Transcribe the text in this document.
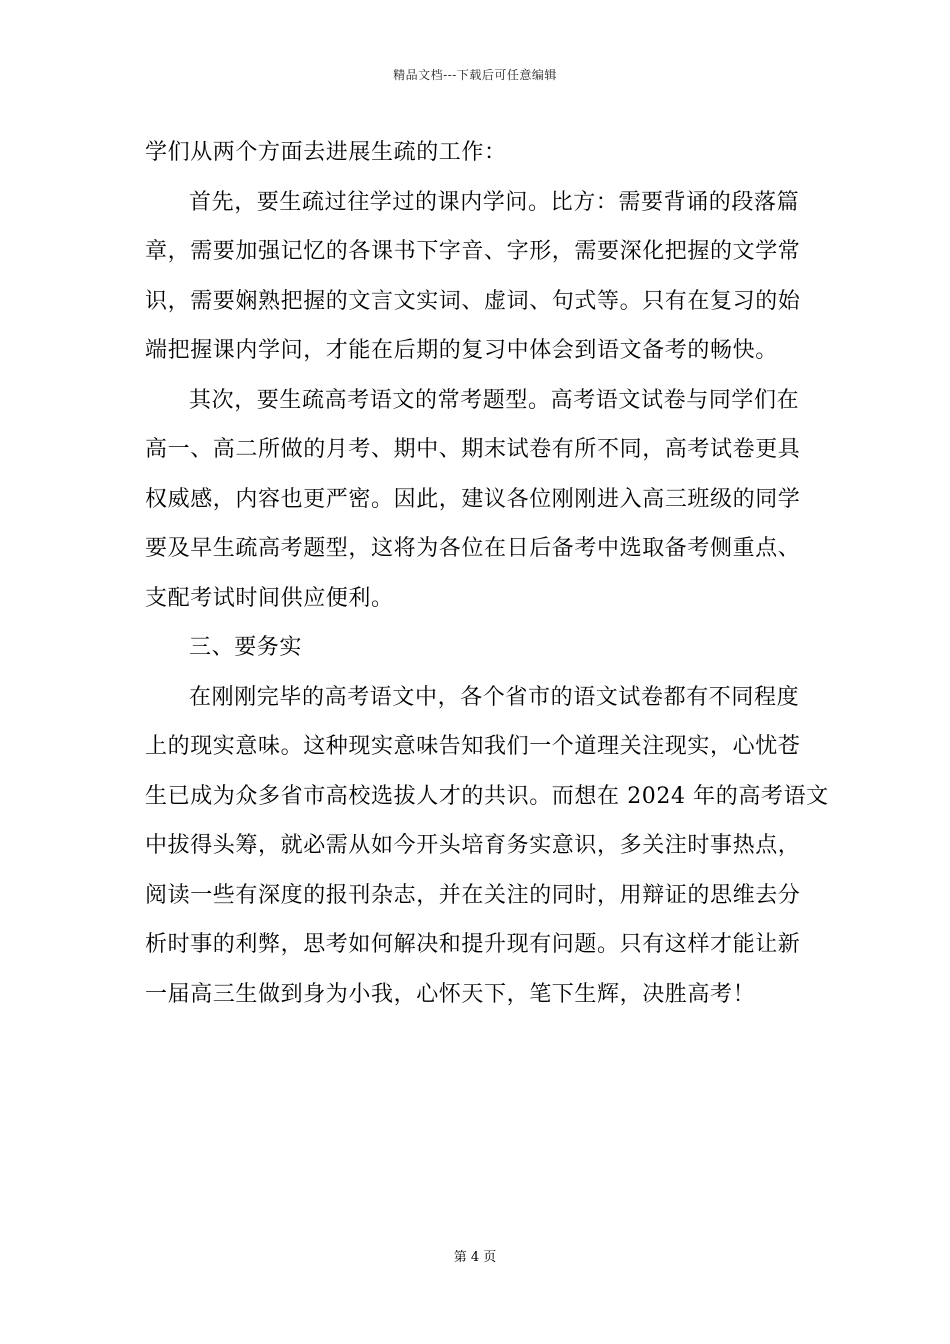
精品文档---下载后可任意编辑
学们从两个方面去进展生疏的工作：
首先，要生疏过往学过的课内学问。比方：需要背诵的段落篇
章，需要加强记忆的各课书下字音、字形，需要深化把握的文学常
识，需要娴熟把握的文言文实词、虚词、句式等。只有在复习的始
端把握课内学问，才能在后期的复习中体会到语文备考的畅快。
其次，要生疏高考语文的常考题型。高考语文试卷与同学们在
高一、高二所做的月考、期中、期末试卷有所不同，高考试卷更具
权威感，内容也更严密。因此，建议各位刚刚进入高三班级的同学
要及早生疏高考题型，这将为各位在日后备考中选取备考侧重点、
支配考试时间供应便利。
三、要务实
在刚刚完毕的高考语文中，各个省市的语文试卷都有不同程度
上的现实意味。这种现实意味告知我们一个道理关注现实，心忧苍
生已成为众多省市高校选拔人才的共识。而想在 2024 年的高考语文
中拔得头筹，就必需从如今开头培育务实意识，多关注时事热点，
阅读一些有深度的报刊杂志，并在关注的同时，用辩证的思维去分
析时事的利弊，思考如何解决和提升现有问题。只有这样才能让新
一届高三生做到身为小我，心怀天下，笔下生辉，决胜高考！
第 4 页
